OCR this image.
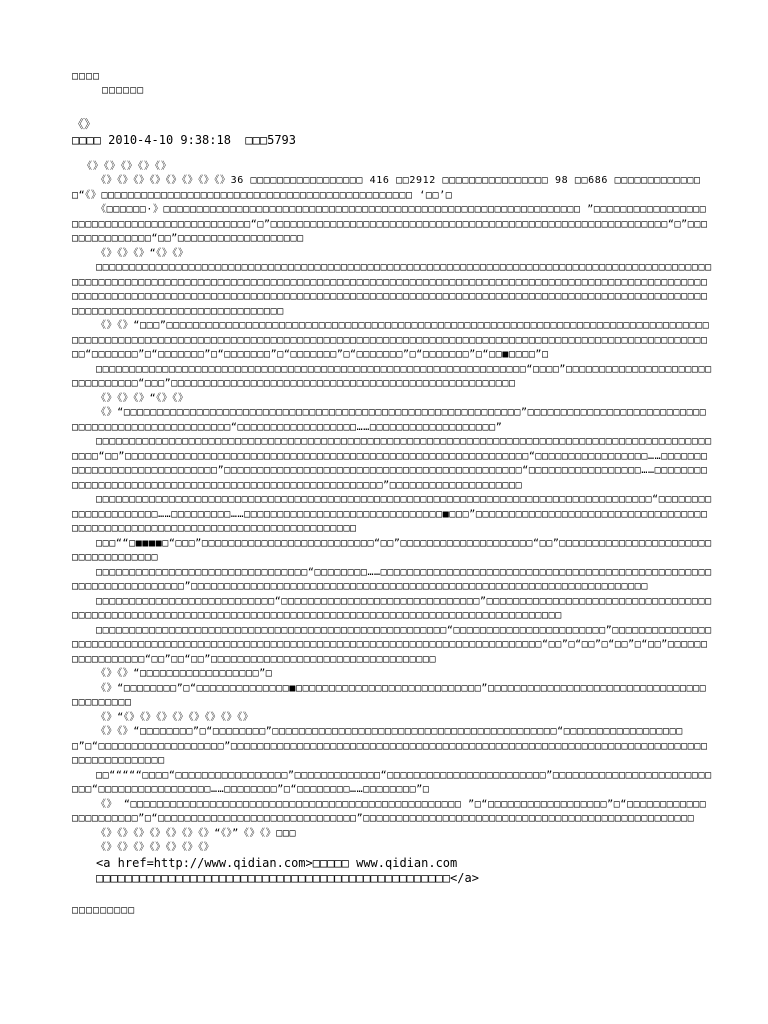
□□□□
□□□□□□
《》
□□□□ 2010-4-10 9:38:18 □□□5793
《》《》《》《》《》

《》《》《》《》《》《》《》《》36 □□□□□□□□□□□□□□□□□ 416 □□2912 □□□□□□□□□□□□□□□□ 98 □□686 □□□□□□□□□□□□□□“《》□□□□□□□□□□□□□□□□□□□□□□□□□□□□□□□□□□□□□□□□□□□□□□□ ‘□□’□

《□□□□□□·》□□□□□□□□□□□□□□□□□□□□□□□□□□□□□□□□□□□□□□□□□□□□□□□□□□□□□□□□□□□□□□□ ”□□□□□□□□□□□□□□□□□□□□□□□□□□□□□□□□□□□□□□□□□□□□“□”□□□□□□□□□□□□□□□□□□□□□□□□□□□□□□□□□□□□□□□□□□□□□□□□□□□□□□□□□□□□“□”□□□□□□□□□□□□□□□“□□”□□□□□□□□□□□□□□□□□□□

《》《》《》“《》《》

□□□□□□□□□□□□□□□□□□□□□□□□□□□□□□□□□□□□□□□□□□□□□□□□□□□□□□□□□□□□□□□□□□□□□□□□□□□□□□□□□□□□□□□□□□□□□□□□□□□□□□□□□□□□□□□□□□□□□□□□□□□□□□□□□□□□□□□□□□□□□□□□□□□□□□□□□□□□□□□□□□□□□□□□□□□□□□□□□□□□□□□□□□□□□□□□□□□□□□□□□□□□□□□□□□□□□□□□□□□□□□□□□□□□□□□□□□□□□□□□□□□□□□□□□□□□□□□□□□□□□□□□□□□□□□□□□□□□□□□□□□□□□□□□□□□□□□□□□□□□□□□□□□□□□□□□□□□□□

《》《》“□□□”□□□□□□□□□□□□□□□□□□□□□□□□□□□□□□□□□□□□□□□□□□□□□□□□□□□□□□□□□□□□□□□□□□□□□□□□□□□□□□□□□□□□□□□□□□□□□□□□□□□□□□□□□□□□□□□□□□□□□□□□□□□□□□□□□□□□□□□□□□□□□□□□□□□□□□□□□□□□□□□□□□□□□□□□□□□□□□□□□□□□“□□□□□□□”□“□□□□□□□”□“□□□□□□□”□“□□□□□□□”□“□□□□□□□”□“□□□□□□□”□“□□■□□□□”□

□□□□□□□□□□□□□□□□□□□□□□□□□□□□□□□□□□□□□□□□□□□□□□□□□□□□□□□□□□□□□□□□□“□□□□”□□□□□□□□□□□□□□□□□□□□□□□□□□□□□□□□“□□□”□□□□□□□□□□□□□□□□□□□□□□□□□□□□□□□□□□□□□□□□□□□□□□□□□□□□

《》《》《》“《》《》

《》“□□□□□□□□□□□□□□□□□□□□□□□□□□□□□□□□□□□□□□□□□□□□□□□□□□□□□□□□□□□□”□□□□□□□□□□□□□□□□□□□□□□□□□□□□□□□□□□□□□□□□□□□□□□□□□□□“□□□□□□□□□□□□□□□□□□……□□□□□□□□□□□□□□□□□□□”

□□□□□□□□□□□□□□□□□□□□□□□□□□□□□□□□□□□□□□□□□□□□□□□□□□□□□□□□□□□□□□□□□□□□□□□□□□□□□□□□□□□□□□□□□□□□□□□□□“□□”□□□□□□□□□□□□□□□□□□□□□□□□□□□□□□□□□□□□□□□□□□□□□□□□□□□□□□□□□□□□□“□□□□□□□□□□□□□□□□□……□□□□□□□□□□□□□□□□□□□□□□□□□□□□□”□□□□□□□□□□□□□□□□□□□□□□□□□□□□□□□□□□□□□□□□□□□□□“□□□□□□□□□□□□□□□□□……□□□□□□□□□□□□□□□□□□□□□□□□□□□□□□□□□□□□□□□□□□□□□□□□□□□□□□□”□□□□□□□□□□□□□□□□□□□□

□□□□□□□□□□□□□□□□□□□□□□□□□□□□□□□□□□□□□□□□□□□□□□□□□□□□□□□□□□□□□□□□□□□□□□□□□□□□□□□□□□□□“□□□□□□□□□□□□□□□□□□□□□……□□□□□□□□□……□□□□□□□□□□□□□□□□□□□□□□□□□□□□□□■□□□”□□□□□□□□□□□□□□□□□□□□□□□□□□□□□□□□□□□□□□□□□□□□□□□□□□□□□□□□□□□□□□□□□□□□□□□□□□□□□□

□□□““□■■■■□“□□□”□□□□□□□□□□□□□□□□□□□□□□□□□□“□□”□□□□□□□□□□□□□□□□□□□□“□□”□□□□□□□□□□□□□□□□□□□□□□□□□□□□□□□□□□□□

□□□□□□□□□□□□□□□□□□□□□□□□□□□□□□□□“□□□□□□□□……□□□□□□□□□□□□□□□□□□□□□□□□□□□□□□□□□□□□□□□□□□□□□□□□□□□□□□□□□□□□□□□□□□□”□□□□□□□□□□□□□□□□□□□□□□□□□□□□□□□□□□□□□□□□□□□□□□□□□□□□□□□□□□□□□□□□□□□□□

□□□□□□□□□□□□□□□□□□□□□□□□□□□“□□□□□□□□□□□□□□□□□□□□□□□□□□□□□□”□□□□□□□□□□□□□□□□□□□□□□□□□□□□□□□□□□□□□□□□□□□□□□□□□□□□□□□□□□□□□□□□□□□□□□□□□□□□□□□□□□□□□□□□□□□□□□□□□□□□□□□□□□□□

□□□□□□□□□□□□□□□□□□□□□□□□□□□□□□□□□□□□□□□□□□□□□□□□□□□□□“□□□□□□□□□□□□□□□□□□□□□□□”□□□□□□□□□□□□□□□□□□□□□□□□□□□□□□□□□□□□□□□□□□□□□□□□□□□□□□□□□□□□□□□□□□□□□□□□□□□□□□□□□□□□□□“□□”□“□□”□“□□”□“□□”□□□□□□□□□□□□□□□□□“□□”□□“□□”□□□□□□□□□□□□□□□□□□□□□□□□□□□□□□□□□□

《》《》“□□□□□□□□□□□□□□□□□□”□

《》“□□□□□□□□”□“□□□□□□□□□□□□□□■□□□□□□□□□□□□□□□□□□□□□□□□□□□□”□□□□□□□□□□□□□□□□□□□□□□□□□□□□□□□□□□□□□□□□□□

《》“《》《》《》《》《》《》《》《》

《》《》“□□□□□□□□”□“□□□□□□□□”□□□□□□□□□□□□□□□□□□□□□□□□□□□□□□□□□□□□□□□□□□□“□□□□□□□□□□□□□□□□□□□”□“□□□□□□□□□□□□□□□□□□□”□□□□□□□□□□□□□□□□□□□□□□□□□□□□□□□□□□□□□□□□□□□□□□□□□□□□□□□□□□□□□□□□□□□□□□□□□□□□□□□□□□□□□□

□□“““““□□□□“□□□□□□□□□□□□□□□□□”□□□□□□□□□□□□□“□□□□□□□□□□□□□□□□□□□□□□□□”□□□□□□□□□□□□□□□□□□□□□□□□□□□“□□□□□□□□□□□□□□□□□……□□□□□□□□”□“□□□□□□□□……□□□□□□□□”□

《》 “□□□□□□□□□□□□□□□□□□□□□□□□□□□□□□□□□□□□□□□□□□□□□□□□□□ ”□“□□□□□□□□□□□□□□□□□□”□“□□□□□□□□□□□□□□□□□□□□□□”□“□□□□□□□□□□□□□□□□□□□□□□□□□□□□□□”□□□□□□□□□□□□□□□□□□□□□□□□□□□□□□□□□□□□□□□□□□□□□□□□□□

《》《》《》《》《》《》《》“《》”《》《》□□□

《》《》《》《》《》《》《》

<a href=http://www.qidian.com>□□□□□ www.qidian.com □□□□□□□□□□□□□□□□□□□□□□□□□□□□□□□□□□□□□□□□□□□□□□□□□</a>
□□□□□□□□□
